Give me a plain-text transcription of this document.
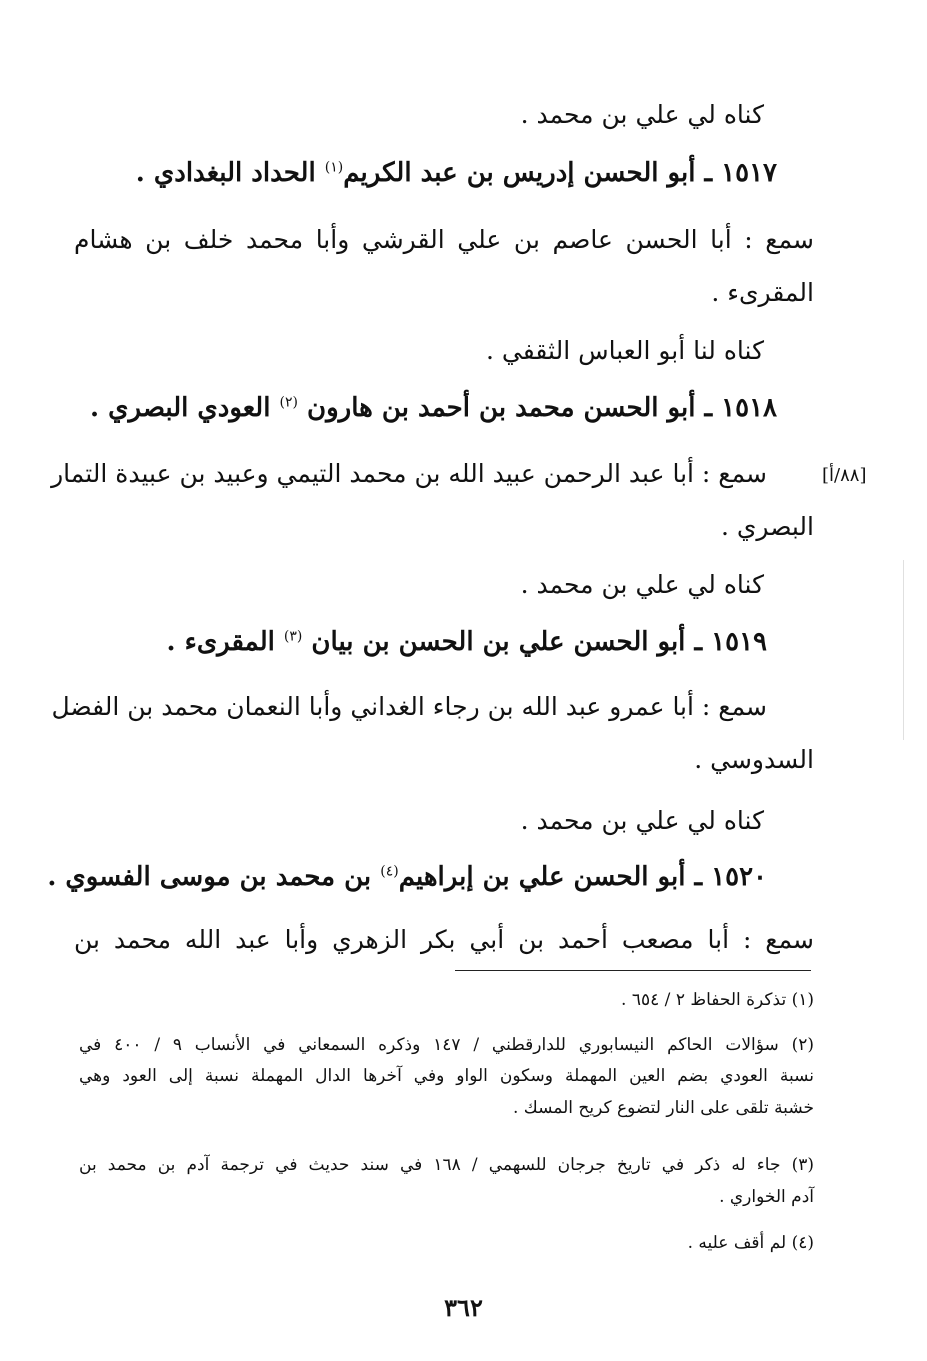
كناه لي علي بن محمد .
١٥١٧ ـ أبو الحسن إدريس بن عبد الكريم$^{(١)}$ الحداد البغدادي .
سمع : أبا الحسن عاصم بن علي القرشي وأبا محمد خلف بن هشام
المقرىء .
كناه لنا أبو العباس الثقفي .
١٥١٨ ـ أبو الحسن محمد بن أحمد بن هارون $^{(٢)}$ العودي البصري .
[٨٨/أ]
سمع : أبا عبد الرحمن عبيد الله بن محمد التيمي وعبيد بن عبيدة التمار
البصري .
كناه لي علي بن محمد .
١٥١٩ ـ أبو الحسن علي بن الحسن بن بيان $^{(٣)}$ المقرىء .
سمع : أبا عمرو عبد الله بن رجاء الغداني وأبا النعمان محمد بن الفضل
السدوسي .
كناه لي علي بن محمد .
١٥٢٠ ـ أبو الحسن علي بن إبراهيم$^{(٤)}$ بن محمد بن موسى الفسوي .
سمع : أبا مصعب أحمد بن أبي بكر الزهري وأبا عبد الله محمد بن
(١) تذكرة الحفاظ ٢ / ٦٥٤ .
(٢) سؤالات الحاكم النيسابوري للدارقطني / ١٤٧ وذكره السمعاني في الأنساب ٩ / ٤٠٠ في
نسبة العودي بضم العين المهملة وسكون الواو وفي آخرها الدال المهملة نسبة إلى العود وهي
خشبة تلقى على النار لتضوع كريح المسك .
(٣) جاء له ذكر في تاريخ جرجان للسهمي / ١٦٨ في سند حديث في ترجمة آدم بن محمد بن
آدم الخواري .
(٤) لم أقف عليه .
٣٦٢
